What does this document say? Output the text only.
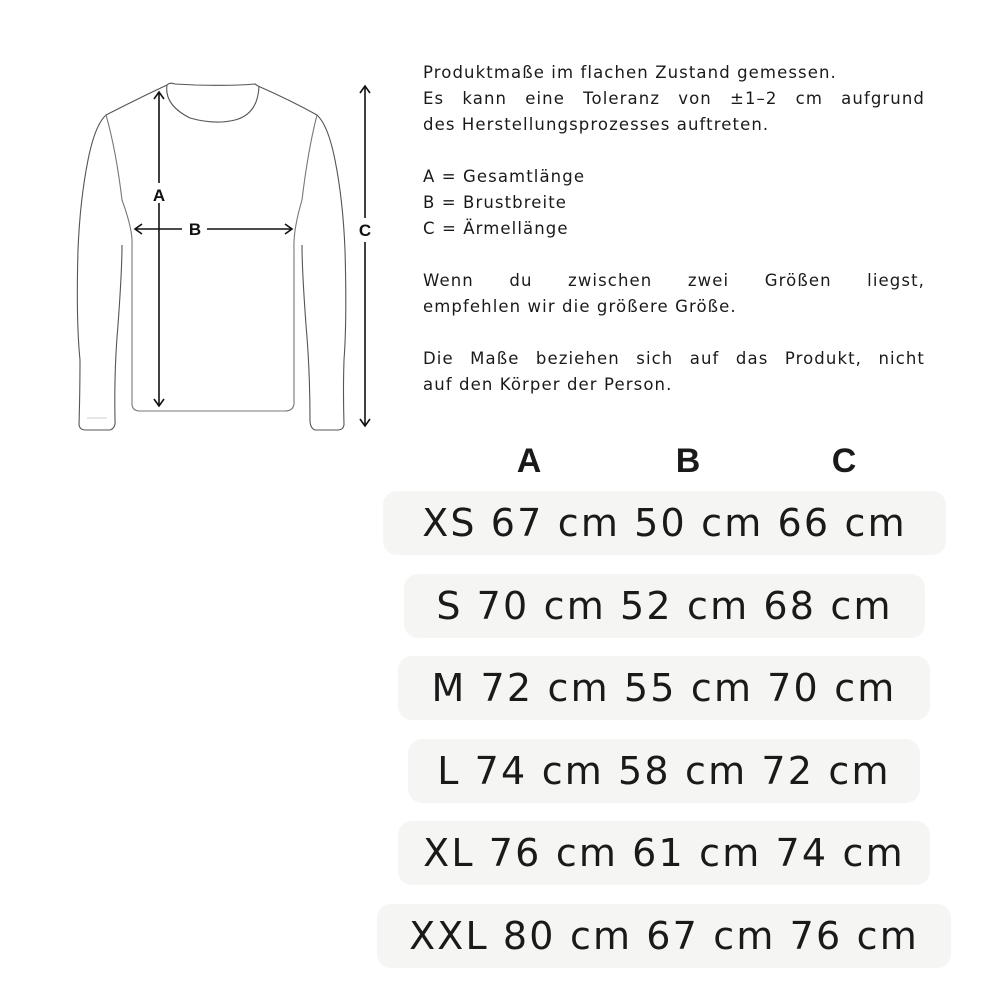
A
B	C

Produktmaße im flachen Zustand gemessen.
Es kann eine Toleranz von ±1–2 cm aufgrund
des Herstellungsprozesses auftreten.

A = Gesamtlänge
B = Brustbreite
C = Ärmellänge

Wenn du zwischen zwei Größen liegst,
empfehlen wir die größere Größe.

Die Maße beziehen sich auf das Produkt, nicht
auf den Körper der Person.

A	B	C
XS 67 cm 50 cm 66 cm
S 70 cm 52 cm 68 cm
M 72 cm 55 cm 70 cm
L 74 cm 58 cm 72 cm
XL 76 cm 61 cm 74 cm
XXL 80 cm 67 cm 76 cm
